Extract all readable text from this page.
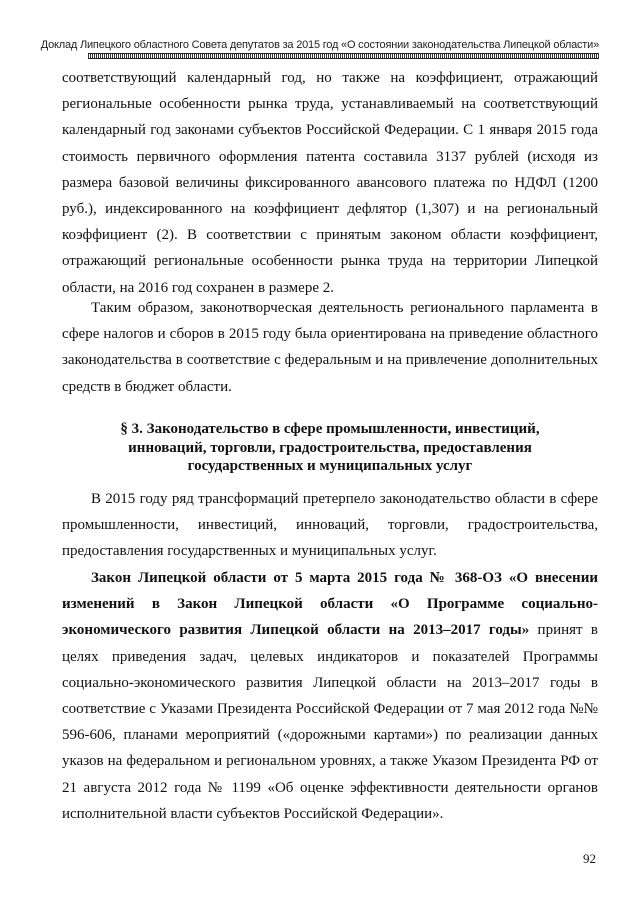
Доклад Липецкого областного Совета депутатов за 2015 год «О состоянии законодательства Липецкой области»

соответствующий календарный год, но также на коэффициент, отражающий региональные особенности рынка труда, устанавливаемый на соответствующий календарный год законами субъектов Российской Федерации. С 1 января 2015 года стоимость первичного оформления патента составила 3137 рублей (исходя из размера базовой величины фиксированного авансового платежа по НДФЛ (1200 руб.), индексированного на коэффициент дефлятор (1,307) и на региональный коэффициент (2). В соответствии с принятым законом области коэффициент, отражающий региональные особенности рынка труда на территории Липецкой области, на 2016 год сохранен в размере 2.

Таким образом, законотворческая деятельность регионального парламента в сфере налогов и сборов в 2015 году была ориентирована на приведение областного законодательства в соответствие с федеральным и на привлечение дополнительных средств в бюджет области.

§ 3. Законодательство в сфере промышленности, инвестиций, инноваций, торговли, градостроительства, предоставления государственных и муниципальных услуг

В 2015 году ряд трансформаций претерпело законодательство области в сфере промышленности, инвестиций, инноваций, торговли, градостроительства, предоставления государственных и муниципальных услуг.

Закон Липецкой области от 5 марта 2015 года № 368-ОЗ «О внесении изменений в Закон Липецкой области «О Программе социально-экономического развития Липецкой области на 2013–2017 годы» принят в целях приведения задач, целевых индикаторов и показателей Программы социально-экономического развития Липецкой области на 2013–2017 годы в соответствие с Указами Президента Российской Федерации от 7 мая 2012 года №№ 596-606, планами мероприятий («дорожными картами») по реализации данных указов на федеральном и региональном уровнях, а также Указом Президента РФ от 21 августа 2012 года № 1199 «Об оценке эффективности деятельности органов исполнительной власти субъектов Российской Федерации».

92
